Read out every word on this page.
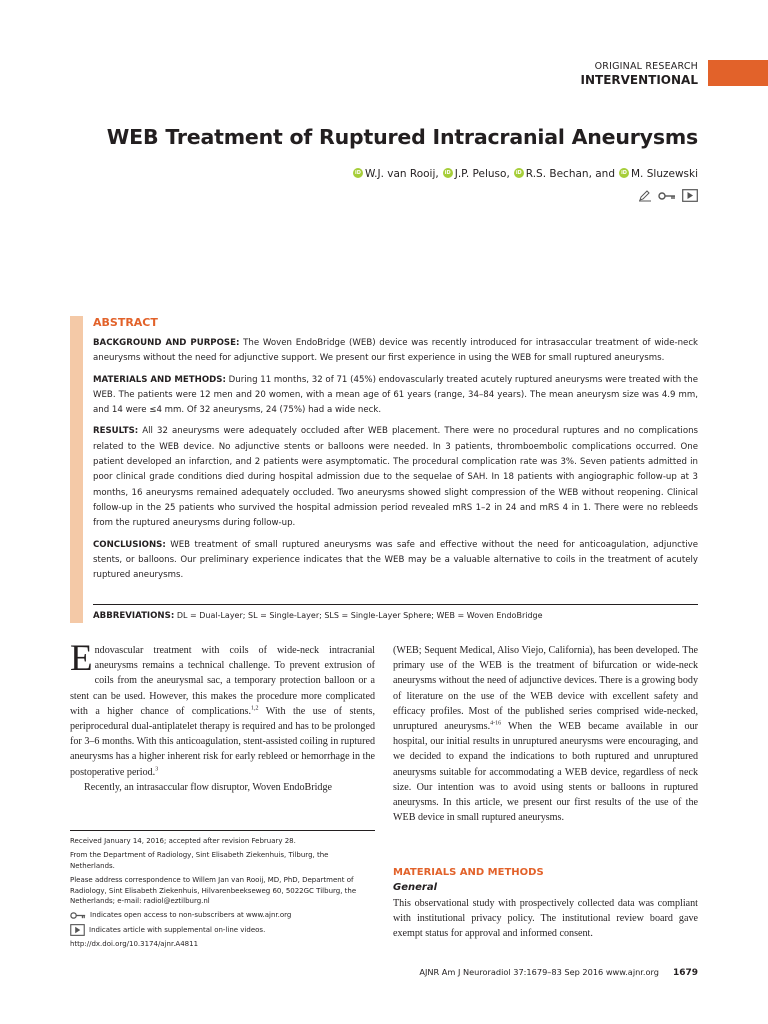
ORIGINAL RESEARCH
INTERVENTIONAL
WEB Treatment of Ruptured Intracranial Aneurysms
iD
W.J. van Rooij , iD J.P. Peluso , iD R.S. Bechan , and iD M. Sluzewski
ABSTRACT

BACKGROUND AND PURPOSE: The Woven EndoBridge (WEB) device was recently introduced for intrasaccular treatment of wide-neck aneurysms without the need for adjunctive support. We present our first experience in using the WEB for small ruptured aneurysms.

MATERIALS AND METHODS: During 11 months, 32 of 71 (45%) endovascularly treated acutely ruptured aneurysms were treated with the WEB. The patients were 12 men and 20 women, with a mean age of 61 years (range, 34–84 years). The mean aneurysm size was 4.9 mm, and 14 were ≤4 mm. Of 32 aneurysms, 24 (75%) had a wide neck.

RESULTS: All 32 aneurysms were adequately occluded after WEB placement. There were no procedural ruptures and no complications related to the WEB device. No adjunctive stents or balloons were needed. In 3 patients, thromboembolic complications occurred. One patient developed an infarction, and 2 patients were asymptomatic. The procedural complication rate was 3%. Seven patients admitted in poor clinical grade conditions died during hospital admission due to the sequelae of SAH. In 18 patients with angiographic follow-up at 3 months, 16 aneurysms remained adequately occluded. Two aneurysms showed slight compression of the WEB without reopening. Clinical follow-up in the 25 patients who survived the hospital admission period revealed mRS 1–2 in 24 and mRS 4 in 1. There were no rebleeds from the ruptured aneurysms during follow-up.

CONCLUSIONS: WEB treatment of small ruptured aneurysms was safe and effective without the need for anticoagulation, adjunctive stents, or balloons. Our preliminary experience indicates that the WEB may be a valuable alternative to coils in the treatment of acutely ruptured aneurysms.

ABBREVIATIONS: DL = Dual-Layer; SL = Single-Layer; SLS = Single-Layer Sphere; WEB = Woven EndoBridge

Endovascular treatment with coils of wide-neck intracranial aneurysms remains a technical challenge. To prevent extrusion of coils from the aneurysmal sac, a temporary protection balloon or a stent can be used. However, this makes the procedure more complicated with a higher chance of complications.$^{1,2}$ With the use of stents, periprocedural dual-antiplatelet therapy is required and has to be prolonged for 3–6 months. With this anticoagulation, stent-assisted coiling in ruptured aneurysms has a higher inherent risk for early rebleed or hemorrhage in the postoperative period.$^3$

Recently, an intrasaccular flow disruptor, Woven EndoBridge

(WEB; Sequent Medical, Aliso Viejo, California), has been developed. The primary use of the WEB is the treatment of bifurcation or wide-neck aneurysms without the need of adjunctive devices. There is a growing body of literature on the use of the WEB device with excellent safety and efficacy profiles. Most of the published series comprised wide-necked, unruptured aneurysms.$^{4-16}$ When the WEB became available in our hospital, our initial results in unruptured aneurysms were encouraging, and we decided to expand the indications to both ruptured and unruptured aneurysms suitable for accommodating a WEB device, regardless of neck size. Our intention was to avoid using stents or balloons in ruptured aneurysms. In this article, we present our first results of the use of the WEB device in small ruptured aneurysms.

MATERIALS AND METHODS
General

This observational study with prospectively collected data was compliant with institutional privacy policy. The institutional review board gave exempt status for approval and informed consent.

Received January 14, 2016; accepted after revision February 28.

From the Department of Radiology, Sint Elisabeth Ziekenhuis, Tilburg, the Netherlands.

Please address correspondence to Willem Jan van Rooij, MD, PhD, Department of Radiology, Sint Elisabeth Ziekenhuis, Hilvarenbeekseweg 60, 5022GC Tilburg, the Netherlands; e-mail: radiol@eztilburg.nl

Indicates open access to non-subscribers at www.ajnr.org
Indicates article with supplemental on-line videos.

http://dx.doi.org/10.3174/ajnr.A4811

AJNR Am J Neuroradiol 37:1679–83 Sep 2016 www.ajnr.org 1679
